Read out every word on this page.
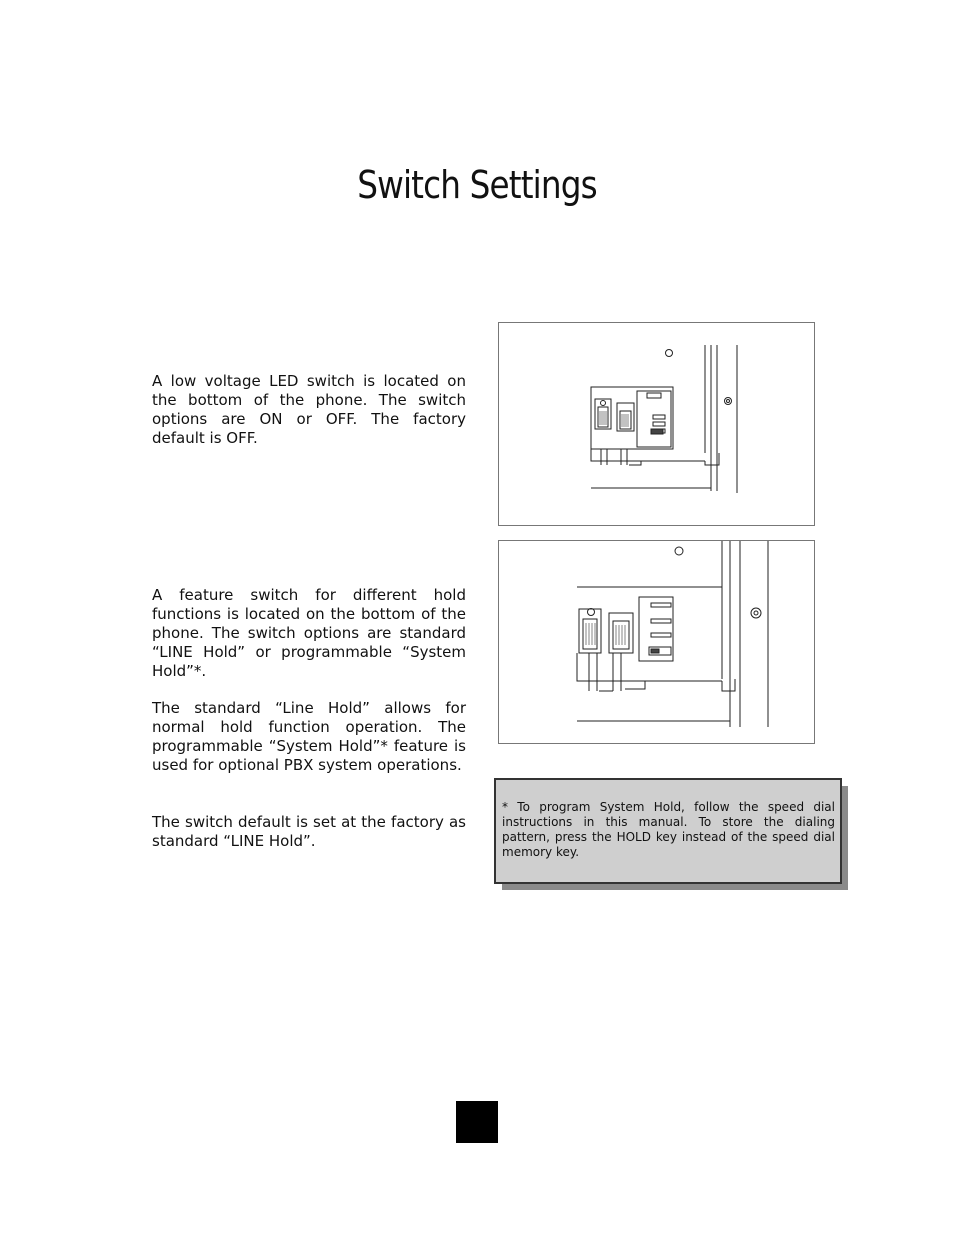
Switch Settings

A low voltage LED switch is located on the bottom of the phone. The switch options are ON or OFF. The factory default is OFF.

A feature switch for different hold functions is located on the bottom of the phone. The switch options are standard “LINE Hold” or programmable “System Hold”*.

The standard “Line Hold” allows for normal hold function operation. The programmable “System Hold”* feature is used for optional PBX system operations.

The switch default is set at the factory as standard “LINE Hold”.

* To program System Hold, follow the speed dial instructions in this manual. To store the dialing pattern, press the HOLD key instead of the speed dial memory key.
